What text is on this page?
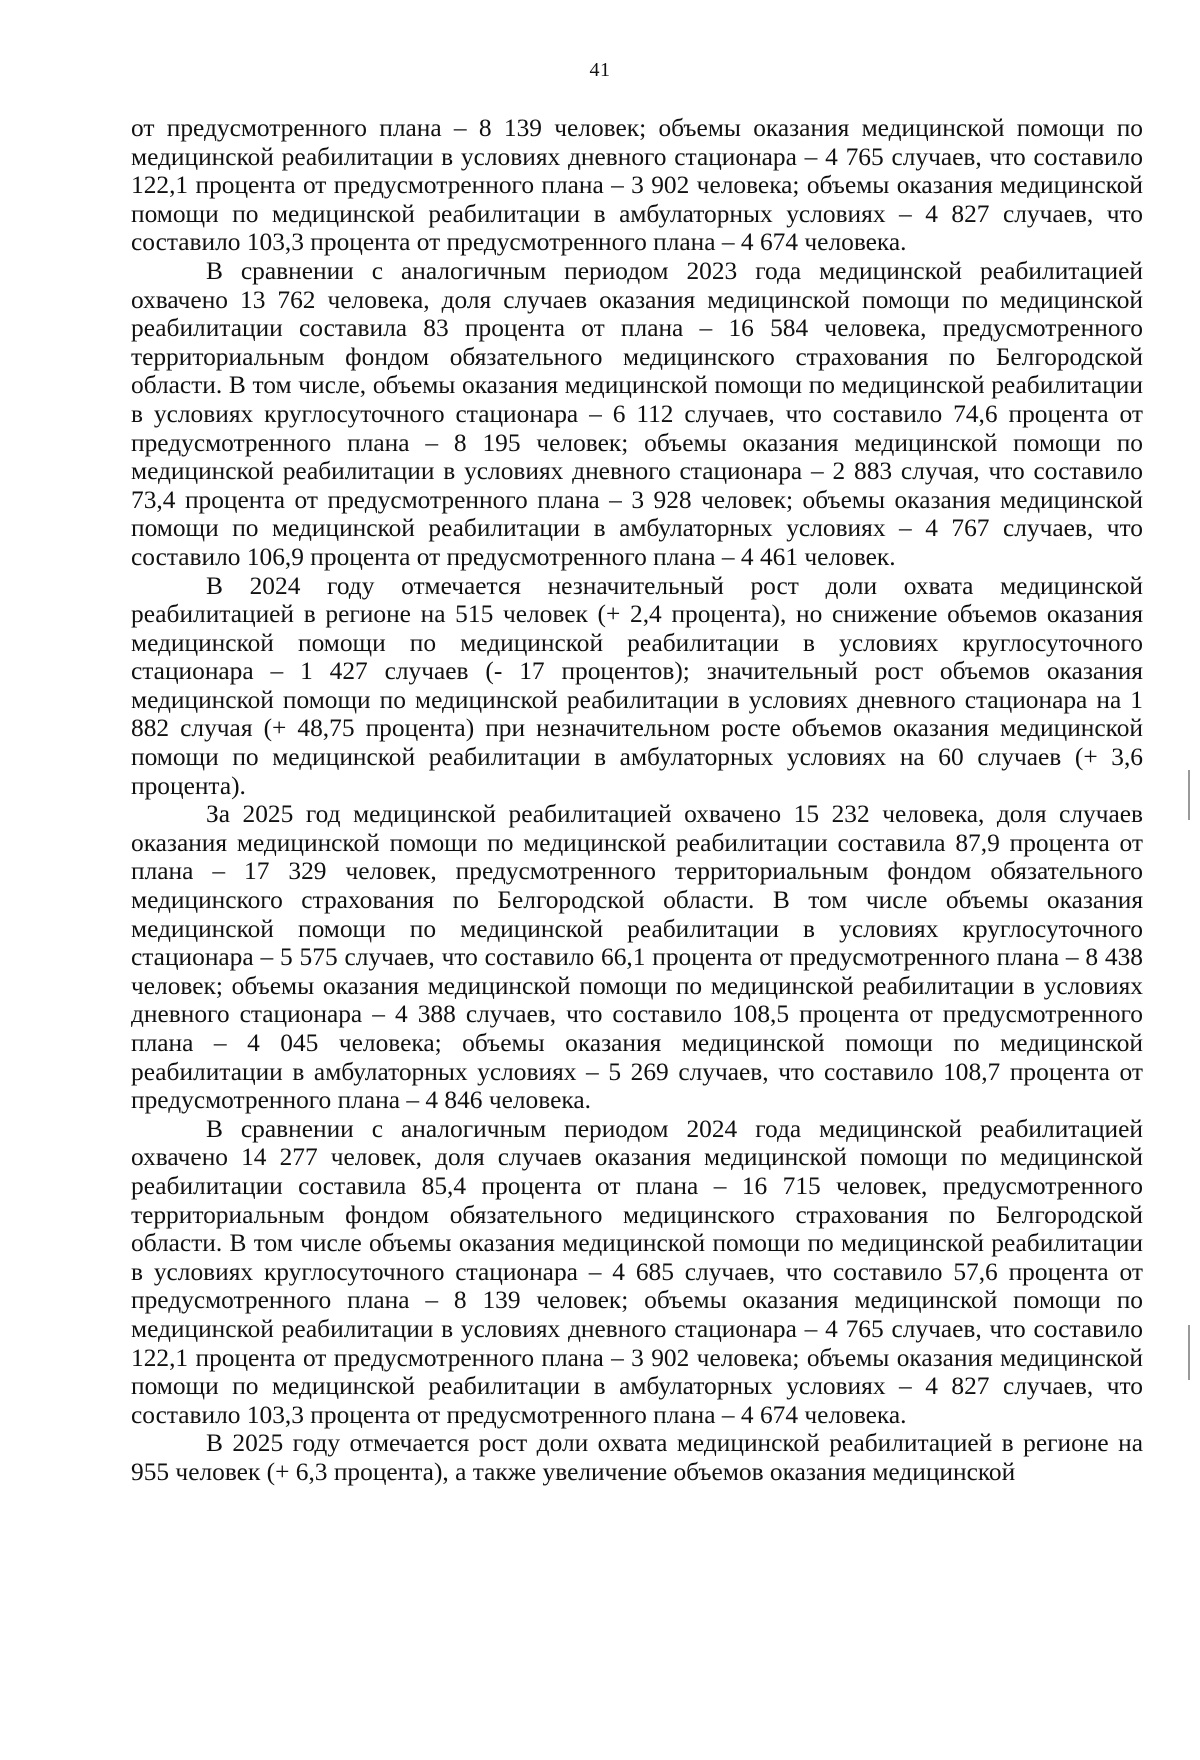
41

от предусмотренного плана – 8 139 человек; объемы оказания медицинской помощи по медицинской реабилитации в условиях дневного стационара – 4 765 случаев, что составило 122,1 процента от предусмотренного плана – 3 902 человека; объемы оказания медицинской помощи по медицинской реабилитации в амбулаторных условиях – 4 827 случаев, что составило 103,3 процента от предусмотренного плана – 4 674 человека.

В сравнении с аналогичным периодом 2023 года медицинской реабилитацией охвачено 13 762 человека, доля случаев оказания медицинской помощи по медицинской реабилитации составила 83 процента от плана – 16 584 человека, предусмотренного территориальным фондом обязательного медицинского страхования по Белгородской области. В том числе, объемы оказания медицинской помощи по медицинской реабилитации в условиях круглосуточного стационара – 6 112 случаев, что составило 74,6 процента от предусмотренного плана – 8 195 человек; объемы оказания медицинской помощи по медицинской реабилитации в условиях дневного стационара – 2 883 случая, что составило 73,4 процента от предусмотренного плана – 3 928 человек; объемы оказания медицинской помощи по медицинской реабилитации в амбулаторных условиях – 4 767 случаев, что составило 106,9 процента от предусмотренного плана – 4 461 человек.

В 2024 году отмечается незначительный рост доли охвата медицинской реабилитацией в регионе на 515 человек (+ 2,4 процента), но снижение объемов оказания медицинской помощи по медицинской реабилитации в условиях круглосуточного стационара – 1 427 случаев (- 17 процентов); значительный рост объемов оказания медицинской помощи по медицинской реабилитации в условиях дневного стационара на 1 882 случая (+ 48,75 процента) при незначительном росте объемов оказания медицинской помощи по медицинской реабилитации в амбулаторных условиях на 60 случаев (+ 3,6 процента).

За 2025 год медицинской реабилитацией охвачено 15 232 человека, доля случаев оказания медицинской помощи по медицинской реабилитации составила 87,9 процента от плана – 17 329 человек, предусмотренного территориальным фондом обязательного медицинского страхования по Белгородской области. В том числе объемы оказания медицинской помощи по медицинской реабилитации в условиях круглосуточного стационара – 5 575 случаев, что составило 66,1 процента от предусмотренного плана – 8 438 человек; объемы оказания медицинской помощи по медицинской реабилитации в условиях дневного стационара – 4 388 случаев, что составило 108,5 процента от предусмотренного плана – 4 045 человека; объемы оказания медицинской помощи по медицинской реабилитации в амбулаторных условиях – 5 269 случаев, что составило 108,7 процента от предусмотренного плана – 4 846 человека.

В сравнении с аналогичным периодом 2024 года медицинской реабилитацией охвачено 14 277 человек, доля случаев оказания медицинской помощи по медицинской реабилитации составила 85,4 процента от плана – 16 715 человек, предусмотренного территориальным фондом обязательного медицинского страхования по Белгородской области. В том числе объемы оказания медицинской помощи по медицинской реабилитации в условиях круглосуточного стационара – 4 685 случаев, что составило 57,6 процента от предусмотренного плана – 8 139 человек; объемы оказания медицинской помощи по медицинской реабилитации в условиях дневного стационара – 4 765 случаев, что составило 122,1 процента от предусмотренного плана – 3 902 человека; объемы оказания медицинской помощи по медицинской реабилитации в амбулаторных условиях – 4 827 случаев, что составило 103,3 процента от предусмотренного плана – 4 674 человека.

В 2025 году отмечается рост доли охвата медицинской реабилитацией в регионе на 955 человек (+ 6,3 процента), а также увеличение объемов оказания медицинской
